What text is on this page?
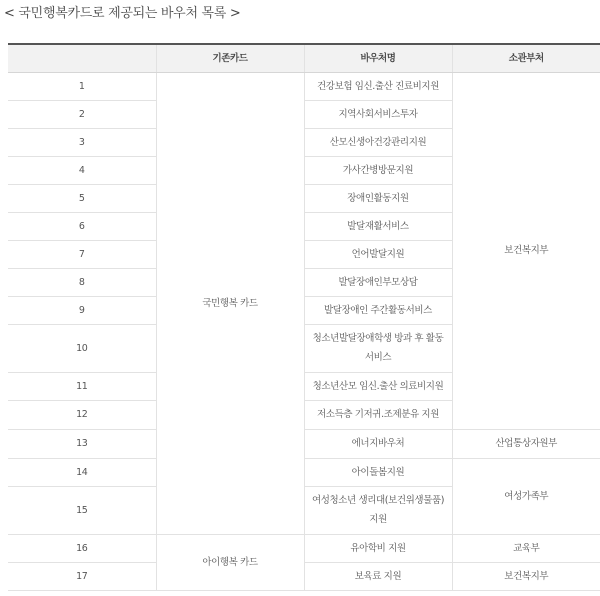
< 국민행복카드로 제공되는 바우처 목록 >
	기존카드	바우처명	소관부처
1	국민행복 카드	건강보험 임신.출산 진료비지원	보건복지부
2		지역사회서비스투자	
3		산모신생아건강관리지원	
4		가사간병방문지원	
5		장애인활동지원	
6		발달재활서비스	
7		언어발달지원	
8		발달장애인부모상담	
9		발달장애인 주간활동서비스	
10		청소년발달장애학생 방과 후 활동서비스	
11		청소년산모 임신.출산 의료비지원	
12		저소득층 기저귀.조제분유 지원	
13		에너지바우처	산업통상자원부
14		아이돌봄지원	여성가족부
15		여성청소년 생리대(보건위생물품)지원	
16	아이행복 카드	유아학비 지원	교육부
17		보육료 지원	보건복지부
